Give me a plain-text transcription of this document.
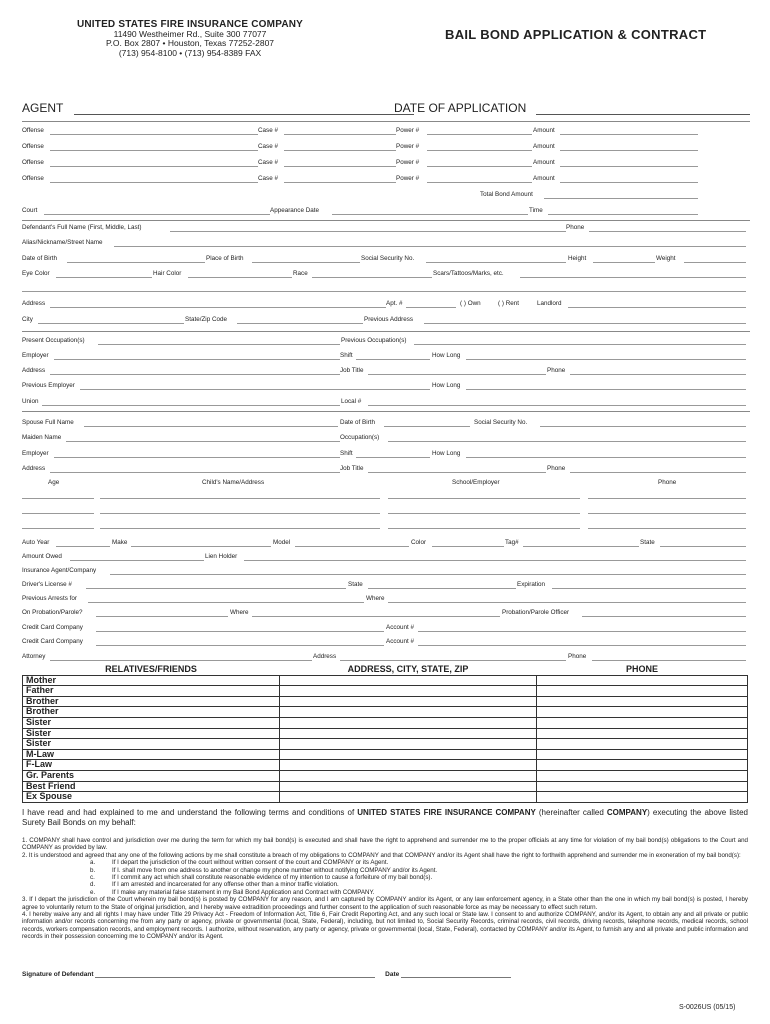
UNITED STATES FIRE INSURANCE COMPANY
11490 Westheimer Rd., Suite 300 77077
P.O. Box 2807 • Houston, Texas 77252-2807
(713) 954-8100 • (713) 954-8389 FAX
BAIL BOND APPLICATION & CONTRACT
AGENT	DATE OF APPLICATION
Offense	Case #	Power #	Amount
Offense	Case #	Power #	Amount
Offense	Case #	Power #	Amount
Offense	Case #	Power #	Amount
Total Bond Amount
Court	Appearance Date	Time
Defendant's Full Name (First, Middle, Last)	Phone
Alias/Nickname/Street Name
Date of Birth	Place of Birth	Social Security No.	Height	Weight
Eye Color	Hair Color	Race	Scars/Tattoos/Marks, etc.
Address	Apt. #	( ) Own	( ) Rent	Landlord
City	State/Zip Code	Previous Address
Present Occupation(s)	Previous Occupation(s)
Employer	Shift	How Long
Address	Job Title	Phone
Previous Employer	How Long
Union	Local #
Spouse Full Name	Date of Birth	Social Security No.
Maiden Name	Occupation(s)
Employer	Shift	How Long
Address	Job Title	Phone
Age	Child's Name/Address	School/Employer	Phone
Auto Year	Make	Model	Color	Tag#	State
Amount Owed	Lien Holder
Insurance Agent/Company
Driver's License #	State	Expiration
Previous Arrests for	Where
On Probation/Parole?	Where	Probation/Parole Officer
Credit Card Company	Account #
Credit Card Company	Account #
Attorney	Address	Phone
RELATIVES/FRIENDS	ADDRESS, CITY, STATE, ZIP	PHONE
Mother		
Father		
Brother		
Brother		
Sister		
Sister		
Sister		
M-Law		
F-Law		
Gr. Parents		
Best Friend		
Ex Spouse		
I have read and had explained to me and understand the following terms and conditions of UNITED STATES FIRE INSURANCE COMPANY (hereinafter called COMPANY) executing the above listed Surety Bail Bonds on my behalf:

1. COMPANY shall have control and jurisdiction over me during the term for which my bail bond(s) is executed and shall have the right to apprehend and surrender me to the proper officials at any time for violation of my bail bond(s) obligations to the Court and COMPANY as provided by law.

2. It is understood and agreed that any one of the following actions by me shall constitute a breach of my obligations to COMPANY and that COMPANY and/or its Agent shall have the right to forthwith apprehend and surrender me in exoneration of my bail bond(s):

a.	If I depart the jurisdiction of the court without written consent of the court and COMPANY or its Agent.
b.	If I. shall move from one address to another or change my phone number without notifying COMPANY and/or its Agent.
c.	If I commit any act which shall constitute reasonable evidence of my intention to cause a forfeiture of my bail bond(s).
d.	If I am arrested and incarcerated for any offense other than a minor traffic violation.
e.	If I make any material false statement in my Bail Bond Application and Contract with COMPANY.

3. If I depart the jurisdiction of the Court wherein my bail bond(s) is posted by COMPANY for any reason, and I am captured by COMPANY and/or its Agent, or any law enforcement agency, in a State other than the one in which my bail bond(s) is posted, I hereby agree to voluntarily return to the State of original jurisdiction, and I hereby waive extradition proceedings and further consent to the application of such reasonable force as may be necessary to effect such return.

4. I hereby waive any and all rights I may have under Title 29 Privacy Act - Freedom of Information Act, Title 6, Fair Credit Reporting Act, and any such local or State law. I consent to and authorize COMPANY, and/or its Agent, to obtain any and all private or public information and/or records concerning me from any party or agency, private or governmental (local, State, Federal), including, but not limited to, Social Security Records, criminal records, civil records, driving records, telephone records, medical records, school records, workers compensation records, and employment records. I authorize, without reservation, any party or agency, private or governmental (local, State, Federal), contacted by COMPANY and/or its Agent, to furnish any and all private and public information and records in their possession concerning me to COMPANY and/or its Agent.

Signature of Defendant	Date
S-0026US (05/15)
